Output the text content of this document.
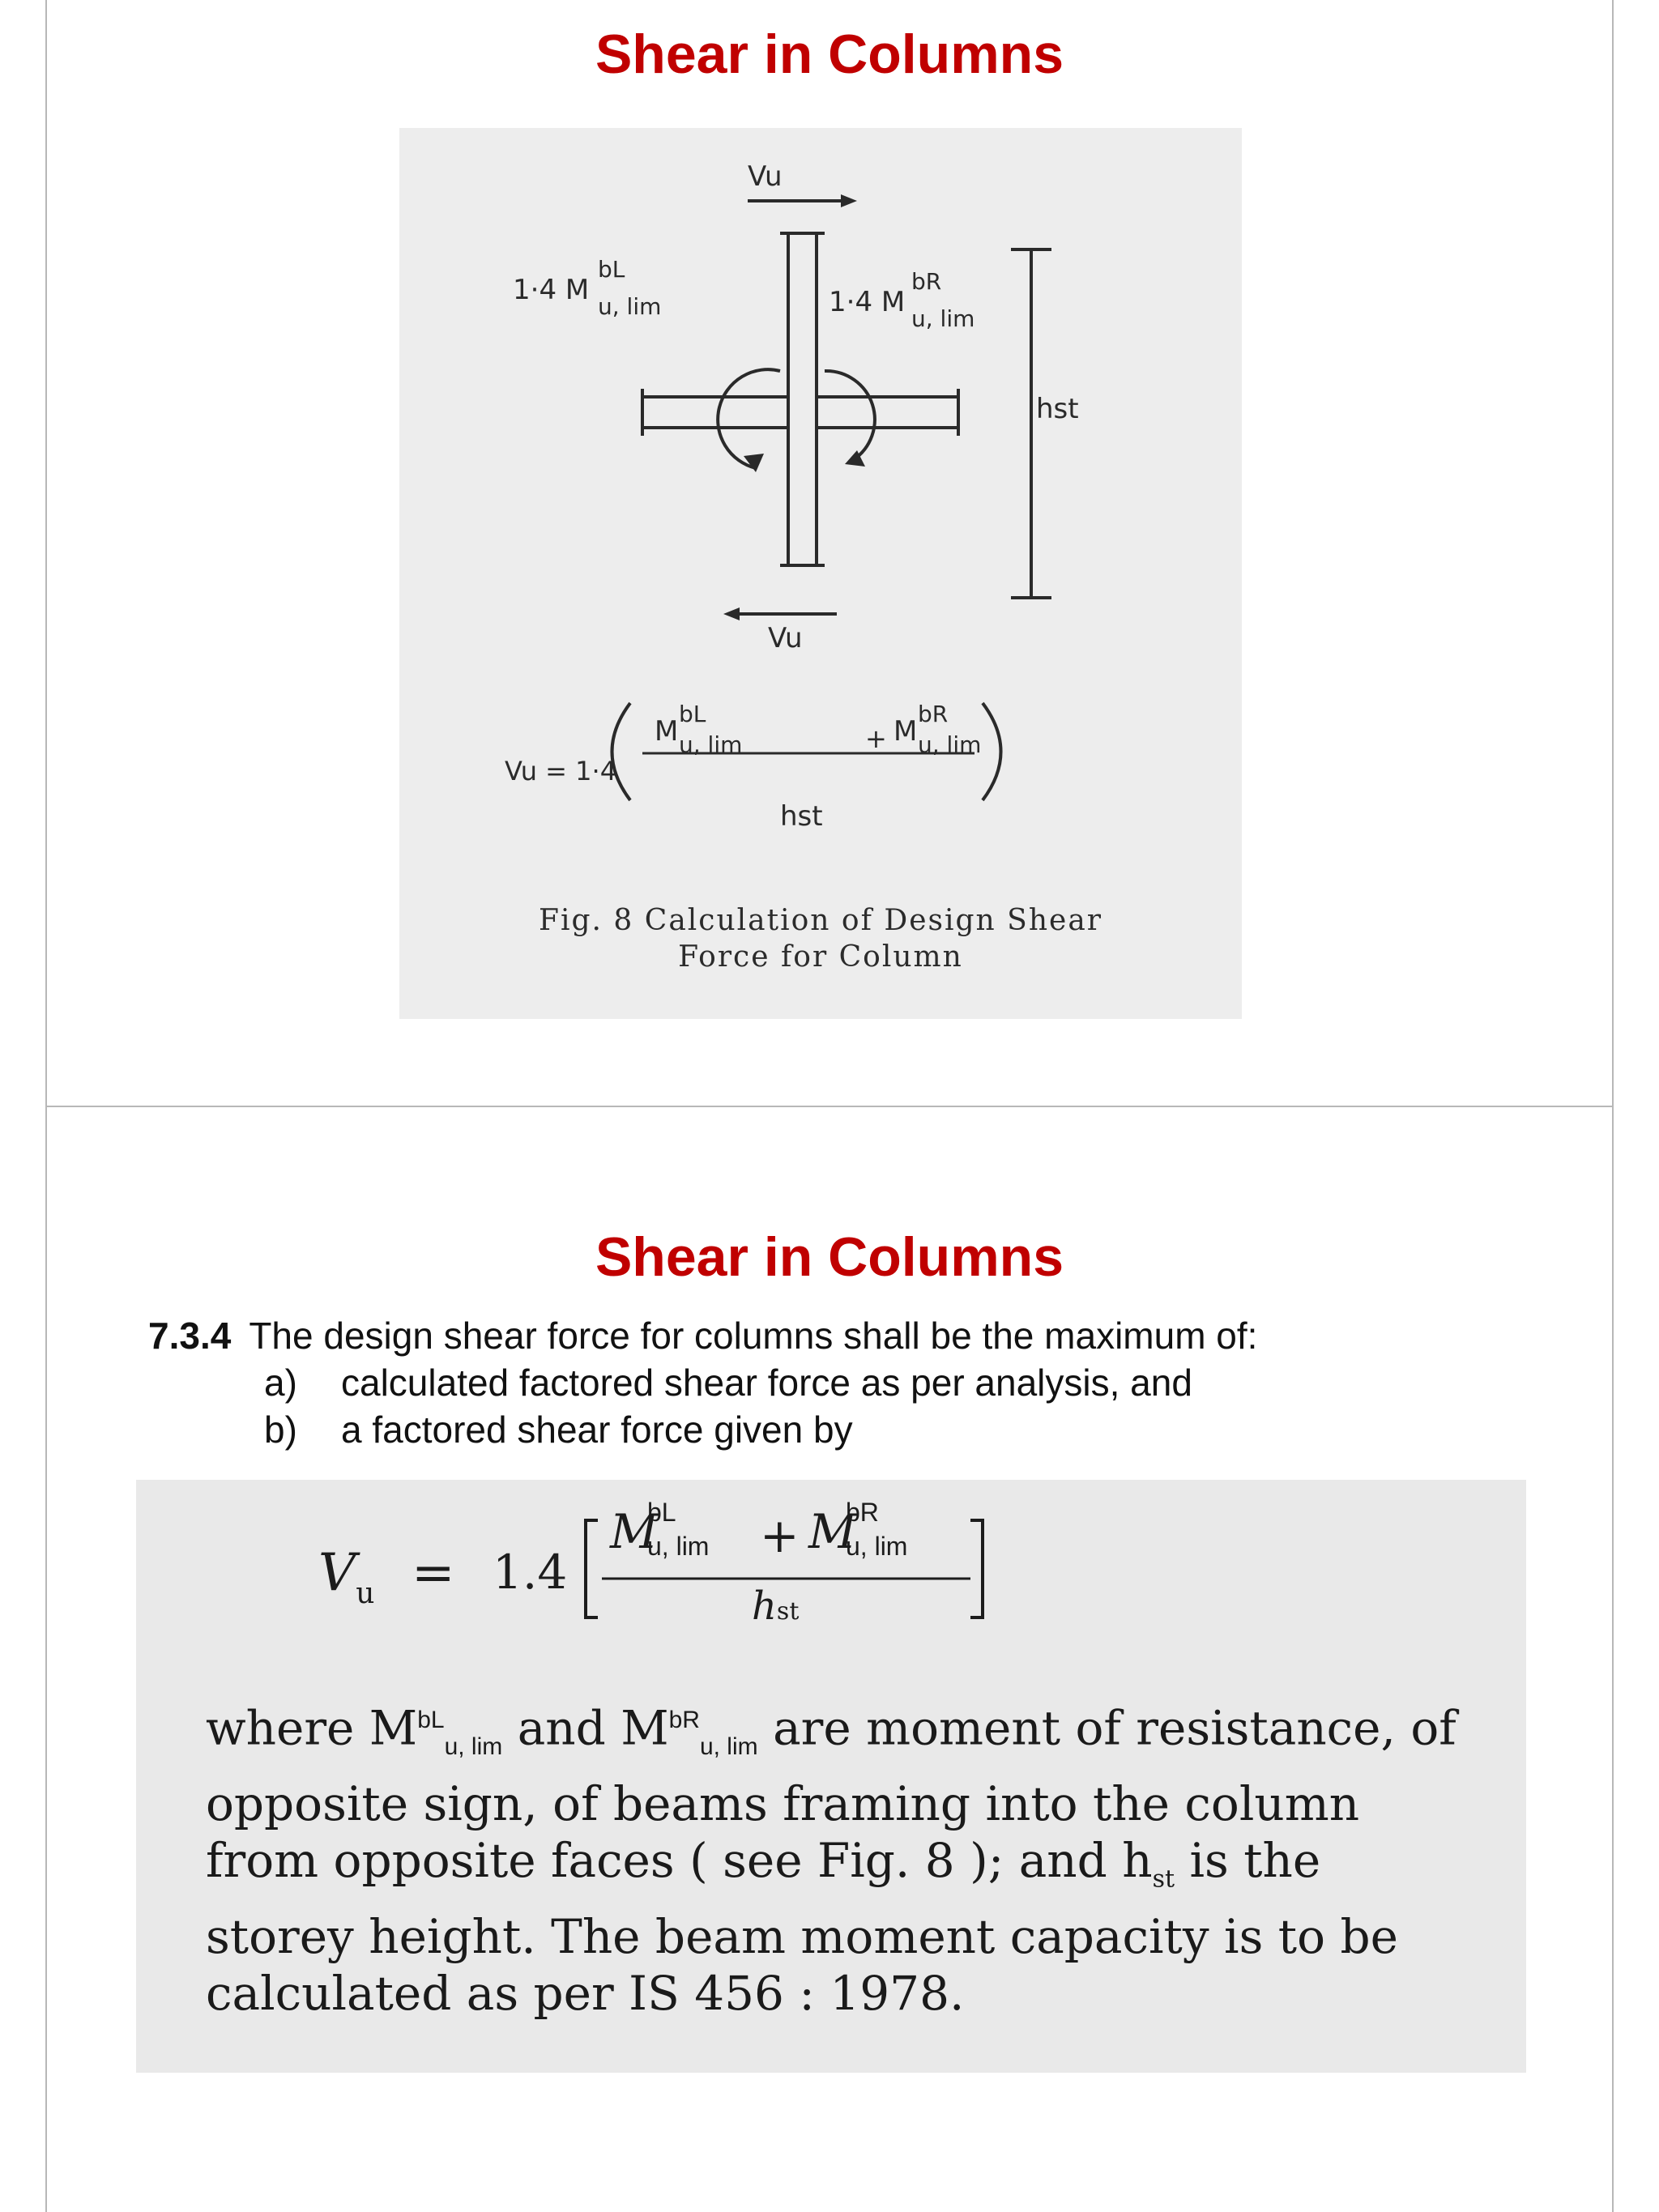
Shear in Columns
Vu
Vu
1·4 M
bL
u, lim	1·4 M
bR
u, lim
hst
Vu = 1·4
M
bL
u, lim	+ M
bR
u, lim
hst
Fig. 8 Calculation of Design Shear
Force for Column
Shear in Columns
7.3.4 The design shear force for columns shall be the maximum of:
a) calculated factored shear force as per analysis, and
b) a factored shear force given by
$V_u = 1.4$
M
bL
u, lim + M
bR
u, lim
hst
where $M^{bL}_{u, lim}$ and $M^{bR}_{u, lim}$ are moment of resistance, of opposite sign, of beams framing into the column from opposite faces ( see Fig. 8 ); and $h_{st}$ is the storey height. The beam moment capacity is to be calculated as per IS 456 : 1978.
